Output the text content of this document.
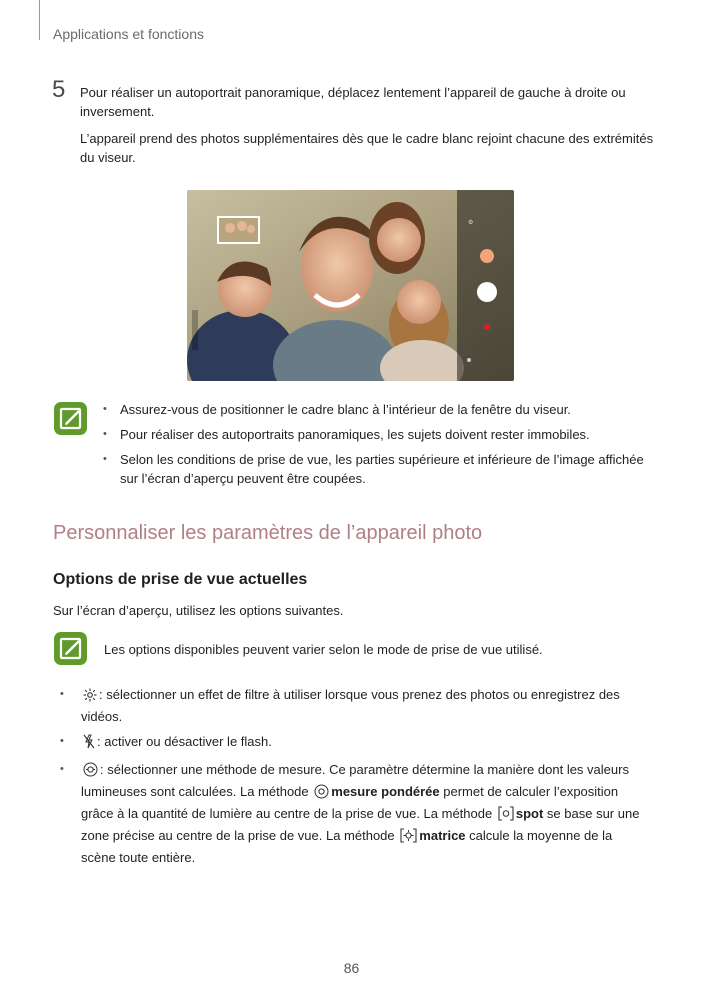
Applications et fonctions
5 Pour réaliser un autoportrait panoramique, déplacez lentement l’appareil de gauche à droite ou inversement.
L’appareil prend des photos supplémentaires dès que le cadre blanc rejoint chacune des extrémités du viseur.
⚙
• Assurez-vous de positionner le cadre blanc à l’intérieur de la fenêtre du viseur.
• Pour réaliser des autoportraits panoramiques, les sujets doivent rester immobiles.
• Selon les conditions de prise de vue, les parties supérieure et inférieure de l’image affichée sur l’écran d’aperçu peuvent être coupées.
Personnaliser les paramètres de l’appareil photo
Options de prise de vue actuelles
Sur l’écran d’aperçu, utilisez les options suivantes.
Les options disponibles peuvent varier selon le mode de prise de vue utilisé.
• : sélectionner un effet de filtre à utiliser lorsque vous prenez des photos ou enregistrez des vidéos.
• : activer ou désactiver le flash.
• : sélectionner une méthode de mesure. Ce paramètre détermine la manière dont les valeurs lumineuses sont calculées. La méthode mesure pondérée permet de calculer l’exposition grâce à la quantité de lumière au centre de la prise de vue. La méthode spot se base sur une zone précise au centre de la prise de vue. La méthode matrice calcule la moyenne de la scène toute entière.
86
